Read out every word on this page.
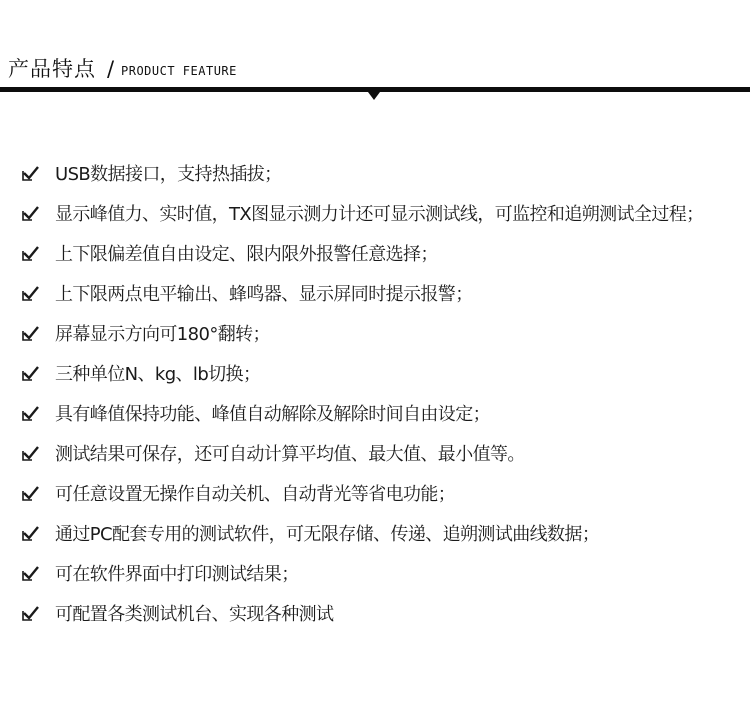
产品特点 / PRODUCT FEATURE
USB数据接口，支持热插拔；
显示峰值力、实时值，TX图显示测力计还可显示测试线，可监控和追朔测试全过程；
上下限偏差值自由设定、限内限外报警任意选择；
上下限两点电平输出、蜂鸣器、显示屏同时提示报警；
屏幕显示方向可180°翻转；
三种单位N、kg、lb切换；
具有峰值保持功能、峰值自动解除及解除时间自由设定；
测试结果可保存，还可自动计算平均值、最大值、最小值等。
可任意设置无操作自动关机、自动背光等省电功能；
通过PC配套专用的测试软件，可无限存储、传递、追朔测试曲线数据；
可在软件界面中打印测试结果；
可配置各类测试机台、实现各种测试
